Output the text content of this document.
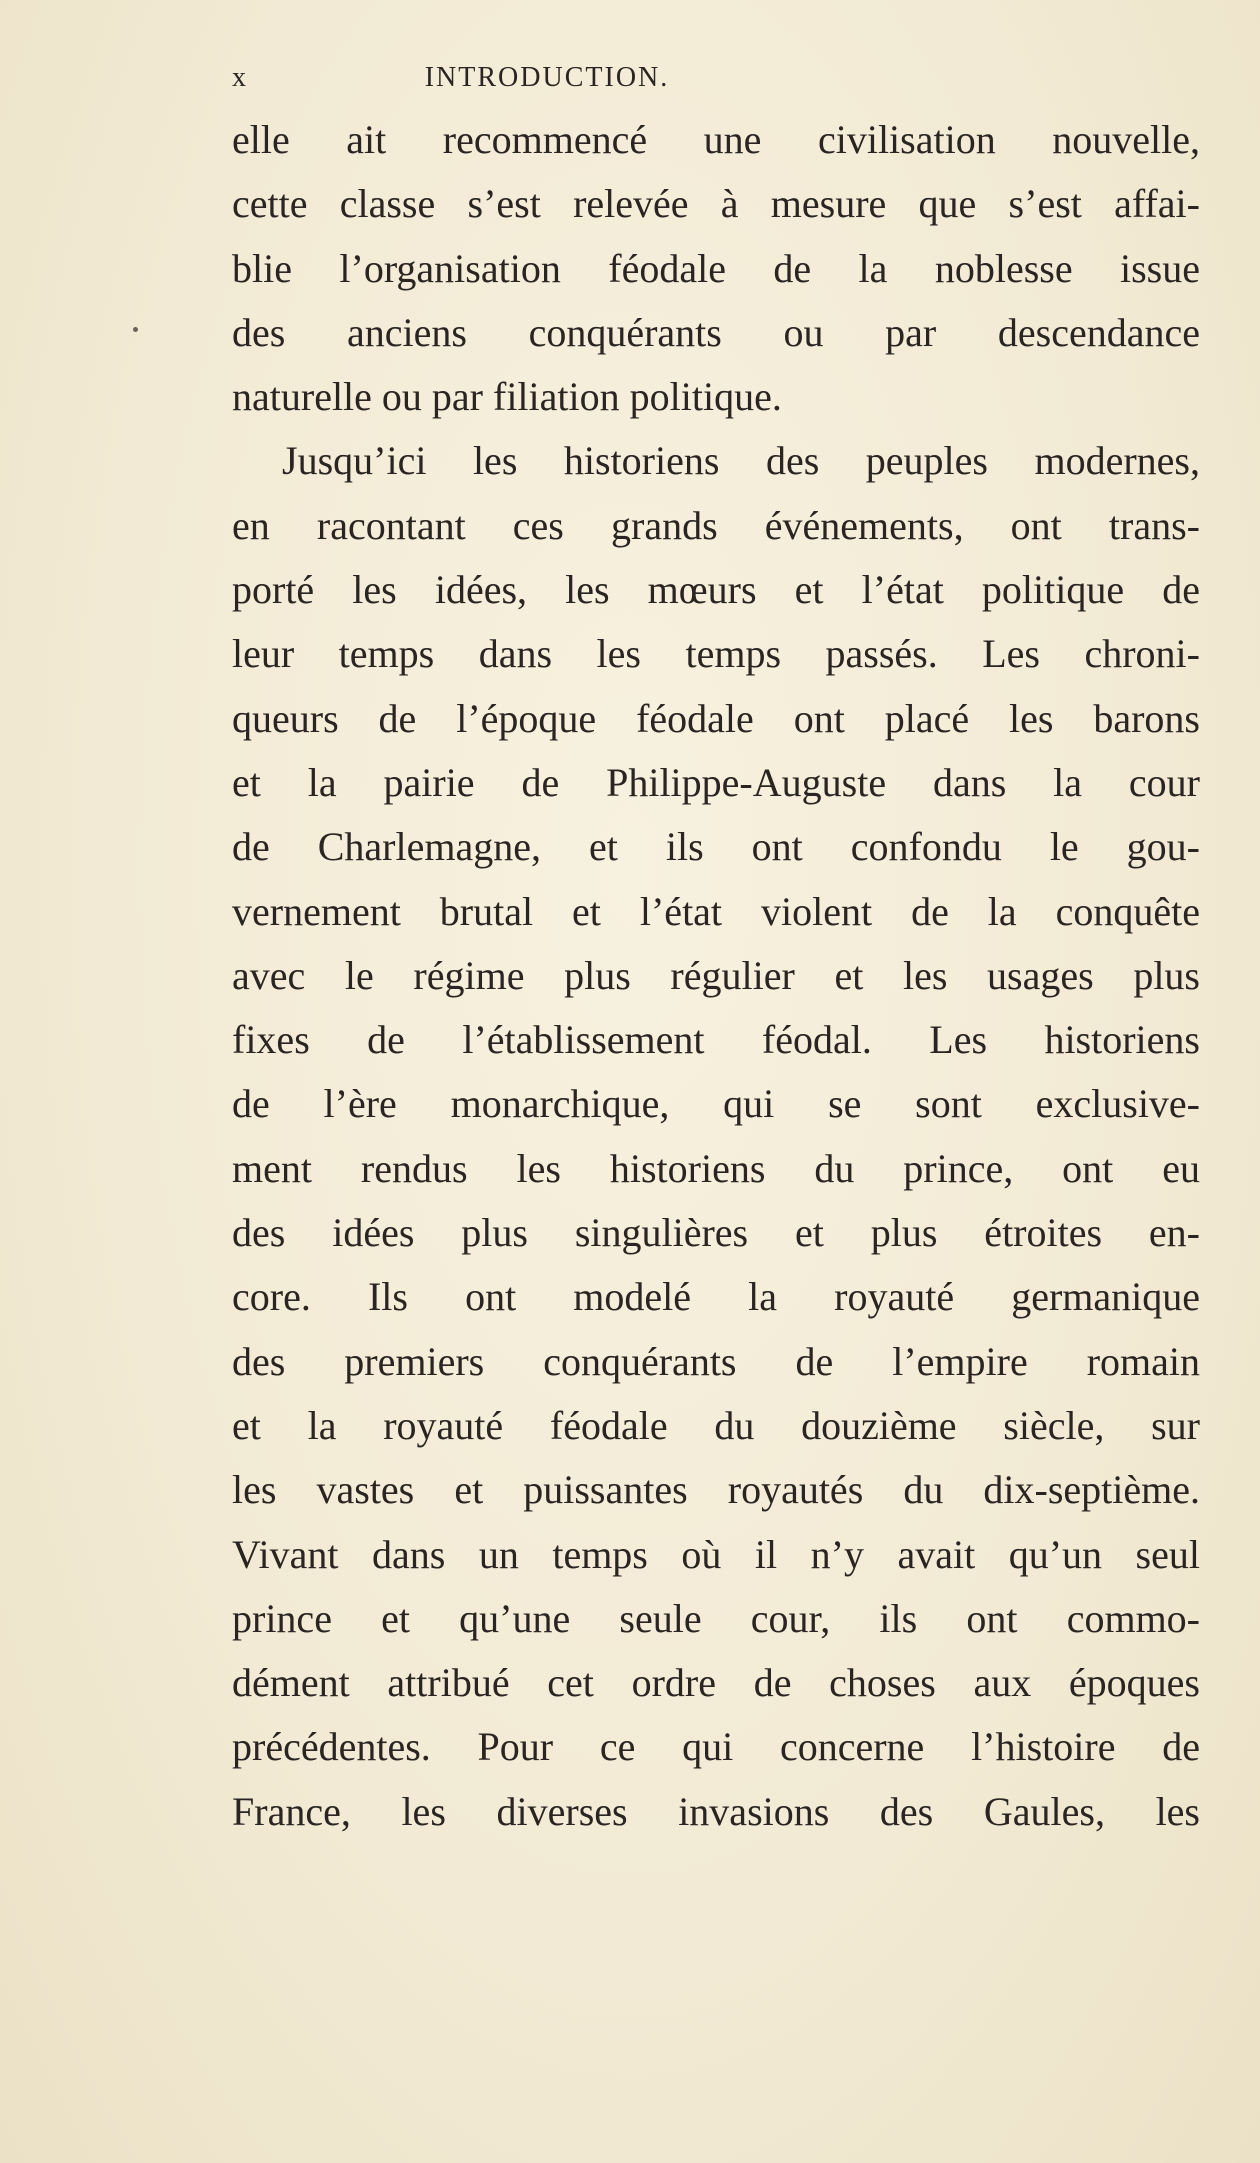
x	INTRODUCTION.
elle ait recommencé une civilisation nouvelle,
cette classe s’est relevée à mesure que s’est affai-
blie l’organisation féodale de la noblesse issue
des anciens conquérants ou par descendance
naturelle ou par filiation politique.
Jusqu’ici les historiens des peuples modernes,
en racontant ces grands événements, ont trans-
porté les idées, les mœurs et l’état politique de
leur temps dans les temps passés. Les chroni-
queurs de l’époque féodale ont placé les barons
et la pairie de Philippe-Auguste dans la cour
de Charlemagne, et ils ont confondu le gou-
vernement brutal et l’état violent de la conquête
avec le régime plus régulier et les usages plus
fixes de l’établissement féodal. Les historiens
de l’ère monarchique, qui se sont exclusive-
ment rendus les historiens du prince, ont eu
des idées plus singulières et plus étroites en-
core. Ils ont modelé la royauté germanique
des premiers conquérants de l’empire romain
et la royauté féodale du douzième siècle, sur
les vastes et puissantes royautés du dix-septième.
Vivant dans un temps où il n’y avait qu’un seul
prince et qu’une seule cour, ils ont commo-
dément attribué cet ordre de choses aux époques
précédentes. Pour ce qui concerne l’histoire de
France, les diverses invasions des Gaules, les
